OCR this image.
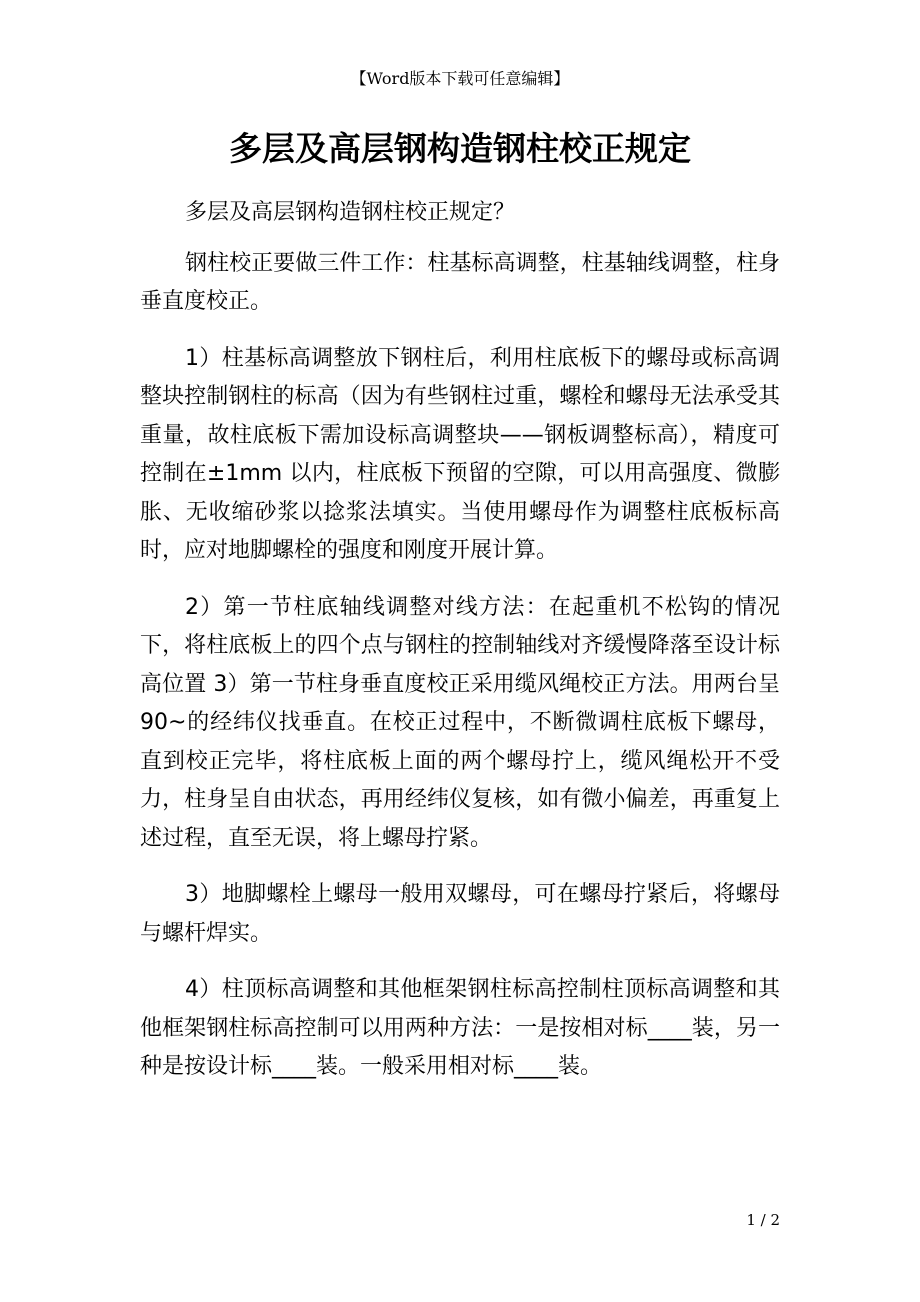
【Word版本下载可任意编辑】
多层及高层钢构造钢柱校正规定

多层及高层钢构造钢柱校正规定？

钢柱校正要做三件工作：柱基标高调整，柱基轴线调整，柱身垂直度校正。

1）柱基标高调整放下钢柱后，利用柱底板下的螺母或标高调整块控制钢柱的标高（因为有些钢柱过重，螺栓和螺母无法承受其重量，故柱底板下需加设标高调整块——钢板调整标高），精度可控制在±1mm 以内，柱底板下预留的空隙，可以用高强度、微膨胀、无收缩砂浆以捻浆法填实。当使用螺母作为调整柱底板标高时，应对地脚螺栓的强度和刚度开展计算。

2）第一节柱底轴线调整对线方法：在起重机不松钩的情况下，将柱底板上的四个点与钢柱的控制轴线对齐缓慢降落至设计标高位置 3）第一节柱身垂直度校正采用缆风绳校正方法。用两台呈 90~的经纬仪找垂直。在校正过程中，不断微调柱底板下螺母，直到校正完毕，将柱底板上面的两个螺母拧上，缆风绳松开不受力，柱身呈自由状态，再用经纬仪复核，如有微小偏差，再重复上述过程，直至无误，将上螺母拧紧。

3）地脚螺栓上螺母一般用双螺母，可在螺母拧紧后，将螺母与螺杆焊实。

4）柱顶标高调整和其他框架钢柱标高控制柱顶标高调整和其他框架钢柱标高控制可以用两种方法：一是按相对标____装，另一种是按设计标____装。一般采用相对标____装。

1 / 2
